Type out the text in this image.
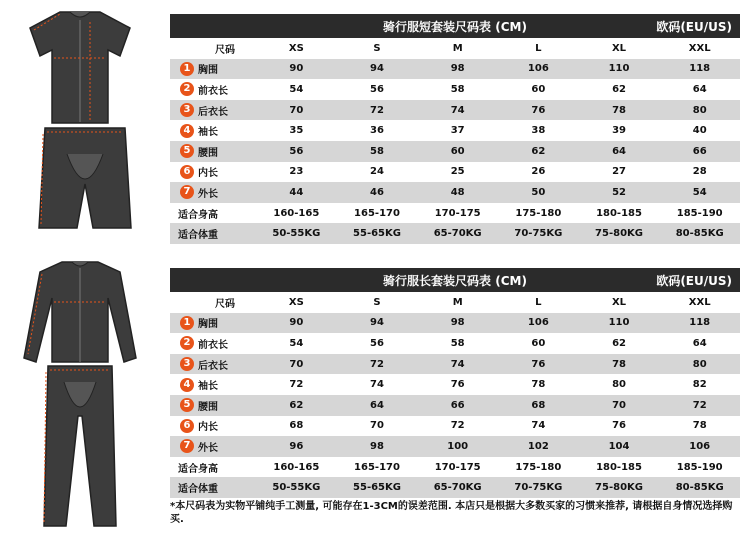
骑行服短套装尺码表 (CM)	欧码(EU/US)
尺码	XS	S	M	L	XL	XXL
1 胸围	90	94	98	106	110	118
2 前衣长	54	56	58	60	62	64
3 后衣长	70	72	74	76	78	80
4 袖长	35	36	37	38	39	40
5 腰围	56	58	60	62	64	66
6 内长	23	24	25	26	27	28
7 外长	44	46	48	50	52	54
适合身高	160-165	165-170	170-175	175-180	180-185	185-190
适合体重	50-55KG	55-65KG	65-70KG	70-75KG	75-80KG	80-85KG
骑行服长套装尺码表 (CM)	欧码(EU/US)
尺码	XS	S	M	L	XL	XXL
1 胸围	90	94	98	106	110	118
2 前衣长	54	56	58	60	62	64
3 后衣长	70	72	74	76	78	80
4 袖长	72	74	76	78	80	82
5 腰围	62	64	66	68	70	72
6 内长	68	70	72	74	76	78
7 外长	96	98	100	102	104	106
适合身高	160-165	165-170	170-175	175-180	180-185	185-190
适合体重	50-55KG	55-65KG	65-70KG	70-75KG	75-80KG	80-85KG
*本尺码表为实物平铺纯手工测量, 可能存在1-3CM的误差范围. 本店只是根据大多数买家的习惯来推荐, 请根据自身情况选择购买.
